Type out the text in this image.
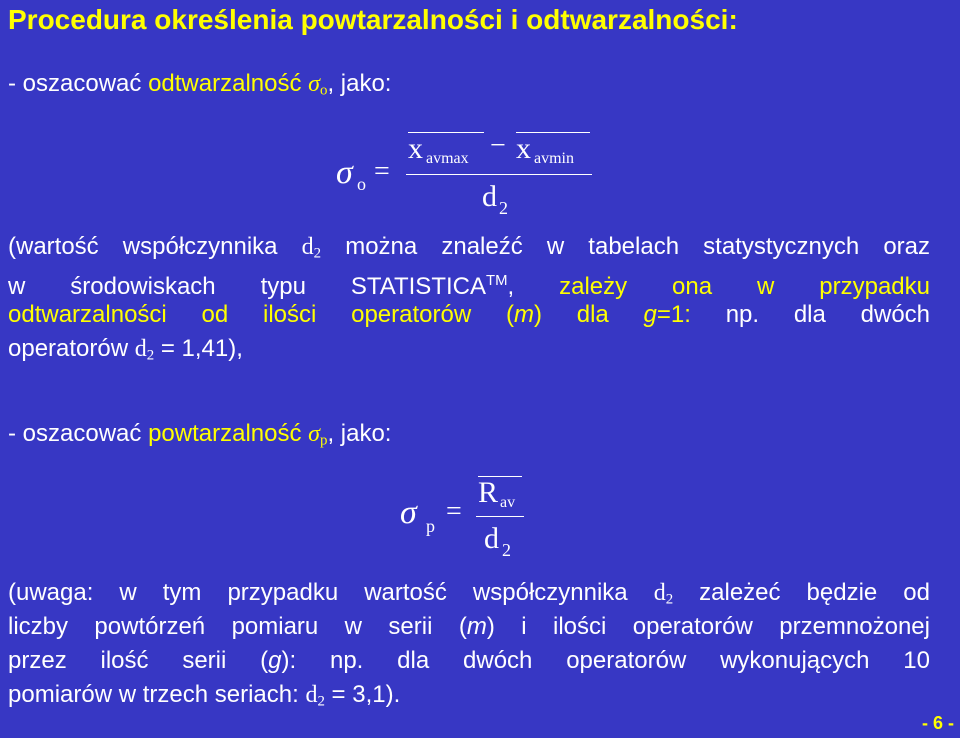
Procedura określenia powtarzalności i odtwarzalności:
- oszacować odtwarzalność $\sigma_o$, jako:
σ o =
x avmax − x avmin
d 2
(wartość współczynnika $d_2$ można znaleźć w tabelach statystycznych oraz
w środowiskach typu STATISTICA™, zależy ona w przypadku
odtwarzalności od ilości operatorów (m) dla g=1: np. dla dwóch
operatorów $d_2 = 1,41$),
- oszacować powtarzalność $\sigma_p$, jako:
σ p =
R av
d 2
(uwaga: w tym przypadku wartość współczynnika $d_2$ zależeć będzie od
liczby powtórzeń pomiaru w serii (m) i ilości operatorów przemnożonej
przez ilość serii (g): np. dla dwóch operatorów wykonujących 10
pomiarów w trzech seriach: $d_2 = 3,1$).
- 6 -
